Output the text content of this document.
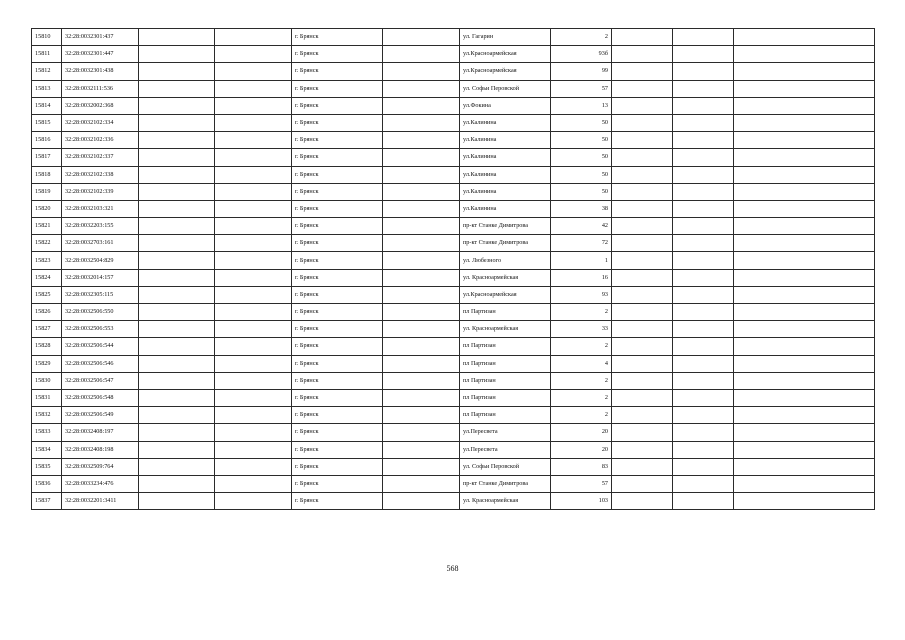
15810	32:28:0032301:437			г. Брянск		ул. Гагарин	2			
15811	32:28:0032301:447			г. Брянск		ул.Красноармейская	93б			
15812	32:28:0032301:438			г. Брянск		ул.Красноармейская	99			
15813	32:28:0032111:536			г. Брянск		ул. Софьи Перовской	57			
15814	32:28:0032002:368			г. Брянск		ул.Фокина	13			
15815	32:28:0032102:334			г. Брянск		ул.Калинина	50			
15816	32:28:0032102:336			г. Брянск		ул.Калинина	50			
15817	32:28:0032102:337			г. Брянск		ул.Калинина	50			
15818	32:28:0032102:338			г. Брянск		ул.Калинина	50			
15819	32:28:0032102:339			г. Брянск		ул.Калинина	50			
15820	32:28:0032103:321			г. Брянск		ул.Калинина	38			
15821	32:28:0032203:155			г. Брянск		пр-кт Станке Димитрова	42			
15822	32:28:0032703:161			г. Брянск		пр-кт Станке Димитрова	72			
15823	32:28:0032504:829			г. Брянск		ул. Любезного	1			
15824	32:28:0032014:157			г. Брянск		ул. Красноармейская	16			
15825	32:28:0032305:115			г. Брянск		ул.Красноармейская	93			
15826	32:28:0032506:550			г. Брянск		пл Партизан	2			
15827	32:28:0032506:553			г. Брянск		ул. Красноармейская	33			
15828	32:28:0032506:544			г. Брянск		пл Партизан	2			
15829	32:28:0032506:546			г. Брянск		пл Партизан	4			
15830	32:28:0032506:547			г. Брянск		пл Партизан	2			
15831	32:28:0032506:548			г. Брянск		пл Партизан	2			
15832	32:28:0032506:549			г. Брянск		пл Партизан	2			
15833	32:28:0032408:197			г. Брянск		ул.Пересвета	20			
15834	32:28:0032408:198			г. Брянск		ул.Пересвета	20			
15835	32:28:0032509:764			г. Брянск		ул. Софьи Перовской	83			
15836	32:28:0033234:476			г. Брянск		пр-кт Станке Димитрова	57			
15837	32:28:0032201:3411			г. Брянск		ул. Красноармейская	103			
568
